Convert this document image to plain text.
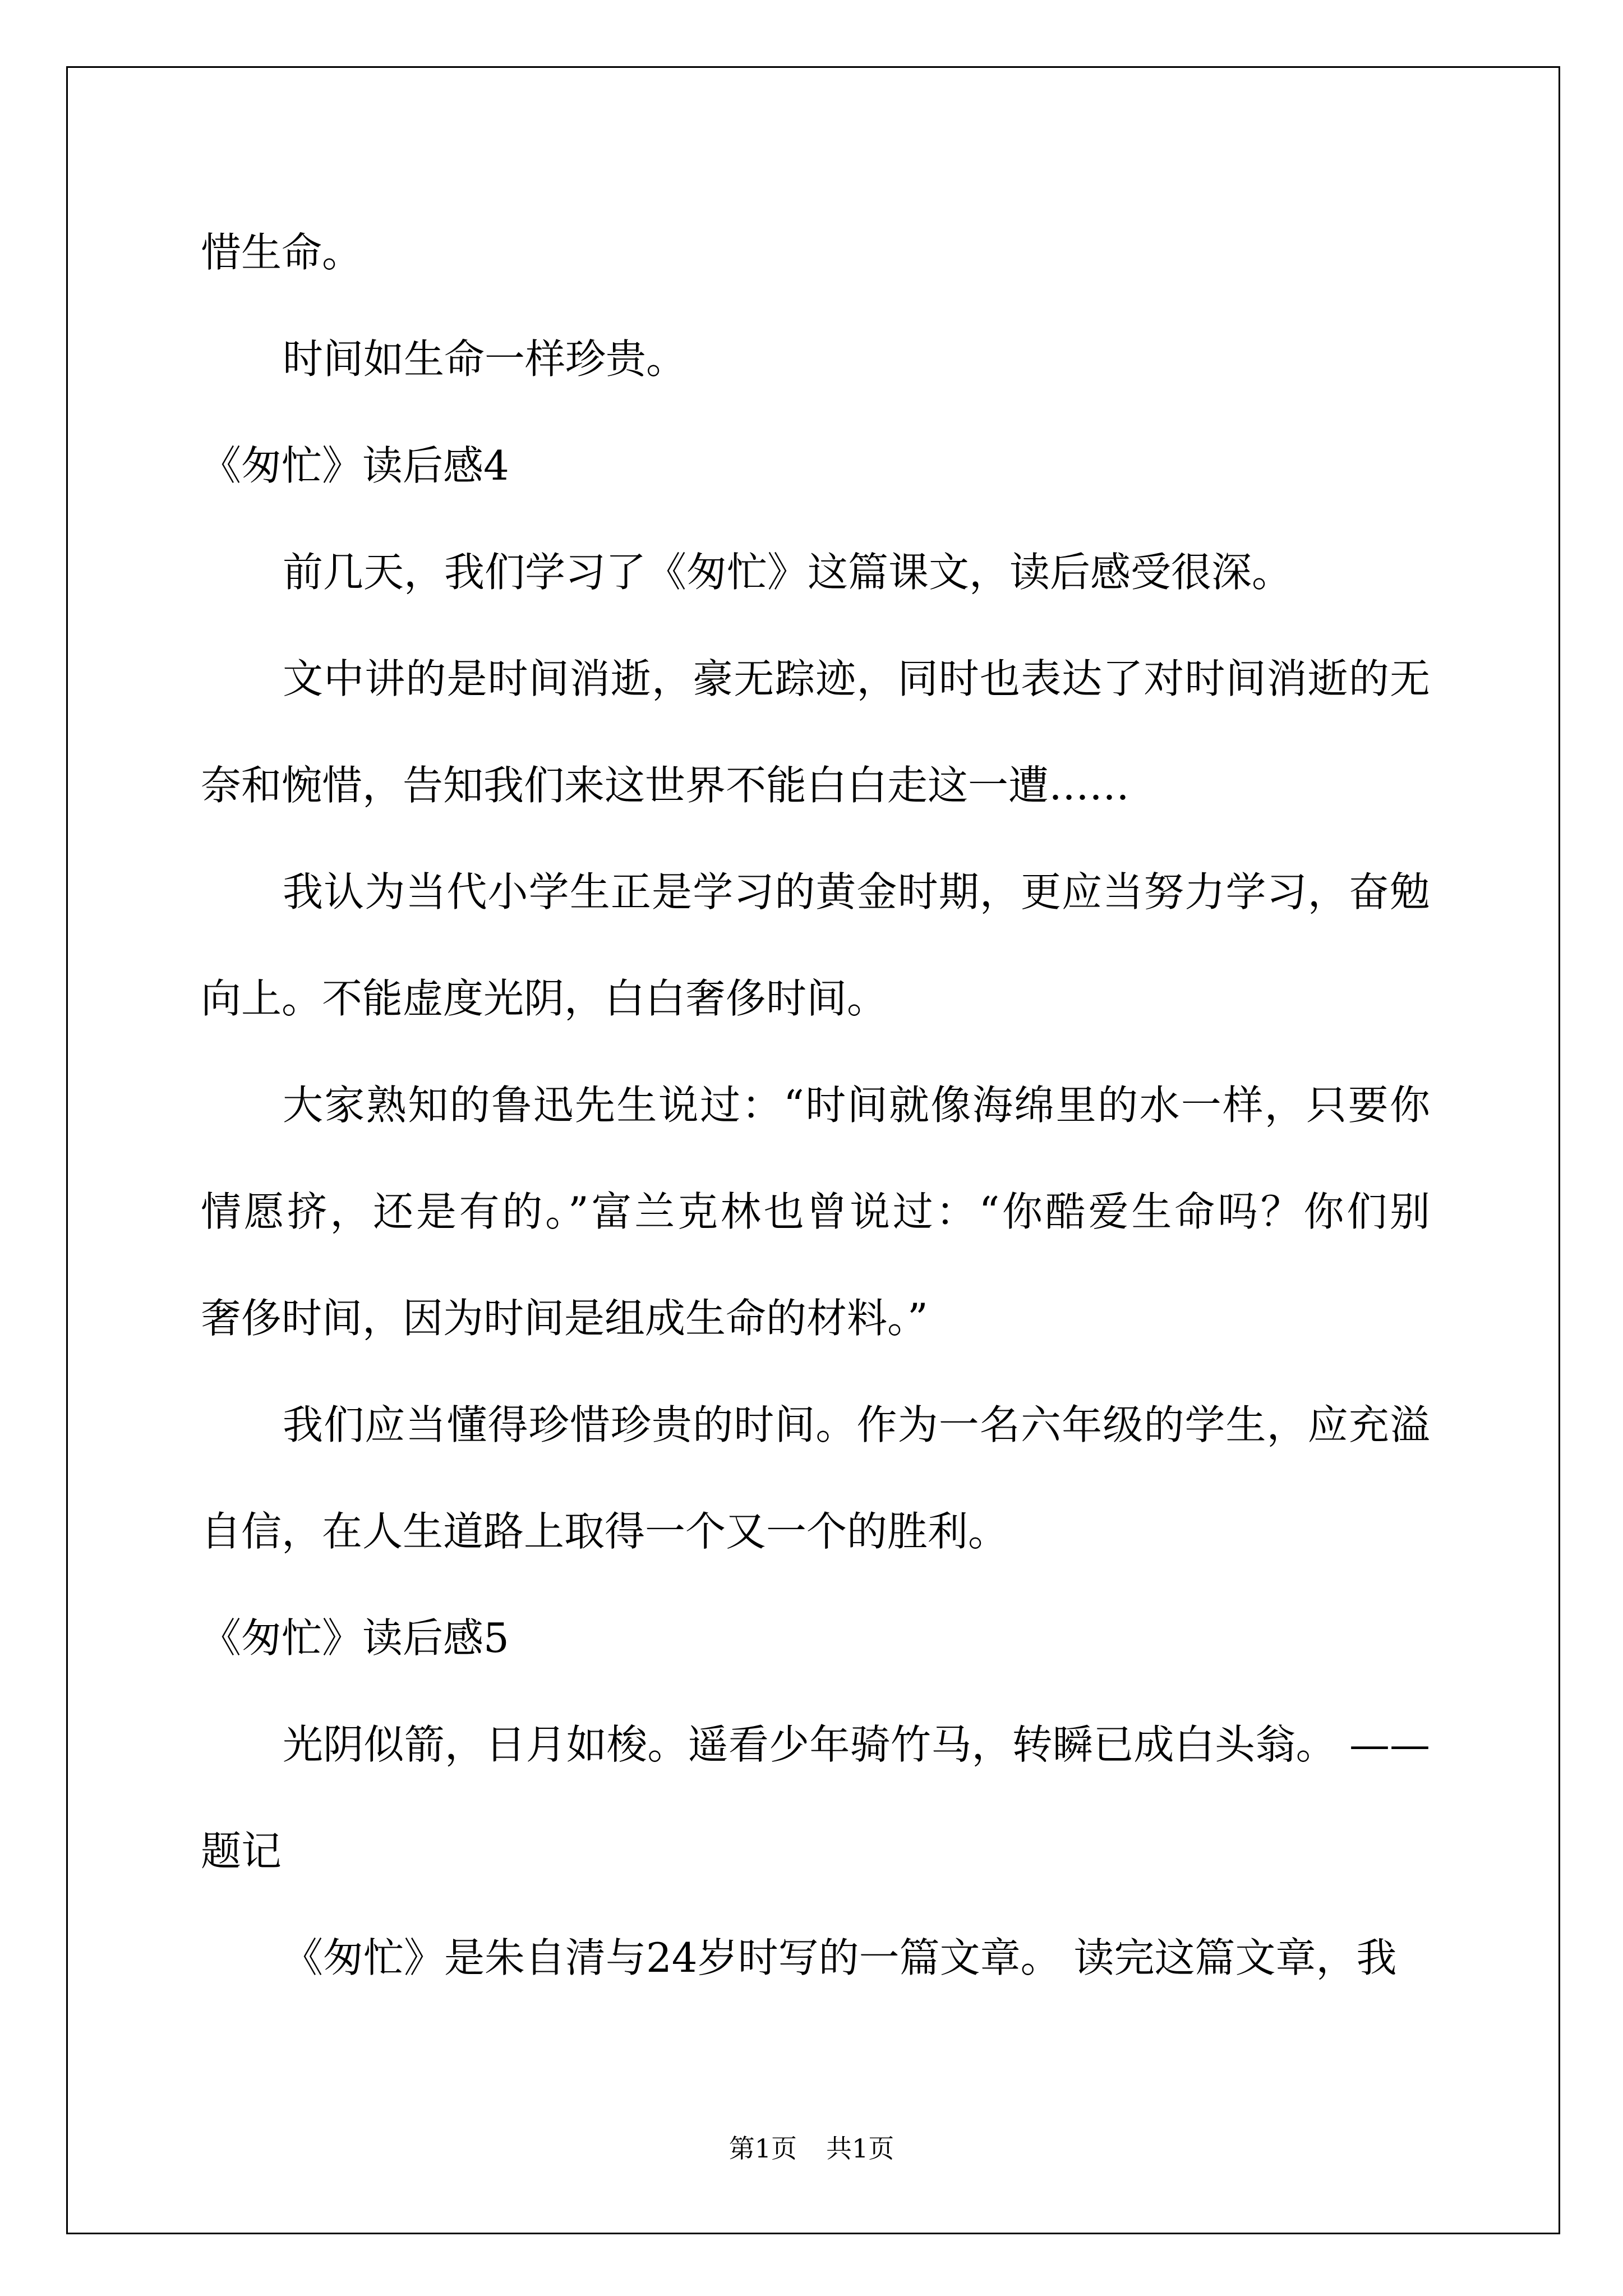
惜生命。
时间如生命一样珍贵。
《匆忙》读后感4
前几天，我们学习了《匆忙》这篇课文，读后感受很深。
文中讲的是时间消逝，豪无踪迹，同时也表达了对时间消逝的无
奈和惋惜，告知我们来这世界不能白白走这一遭……
我认为当代小学生正是学习的黄金时期，更应当努力学习，奋勉
向上。不能虚度光阴，白白奢侈时间。
大家熟知的鲁迅先生说过：“时间就像海绵里的水一样，只要你
情愿挤，还是有的。”富兰克林也曾说过：“你酷爱生命吗？你们别
奢侈时间，因为时间是组成生命的材料。”
我们应当懂得珍惜珍贵的时间。作为一名六年级的学生，应充溢
自信，在人生道路上取得一个又一个的胜利。
《匆忙》读后感5
光阴似箭，日月如梭。遥看少年骑竹马，转瞬已成白头翁。 ——
题记
《匆忙》是朱自清与24岁时写的一篇文章。 读完这篇文章，我
第1页 共1页
